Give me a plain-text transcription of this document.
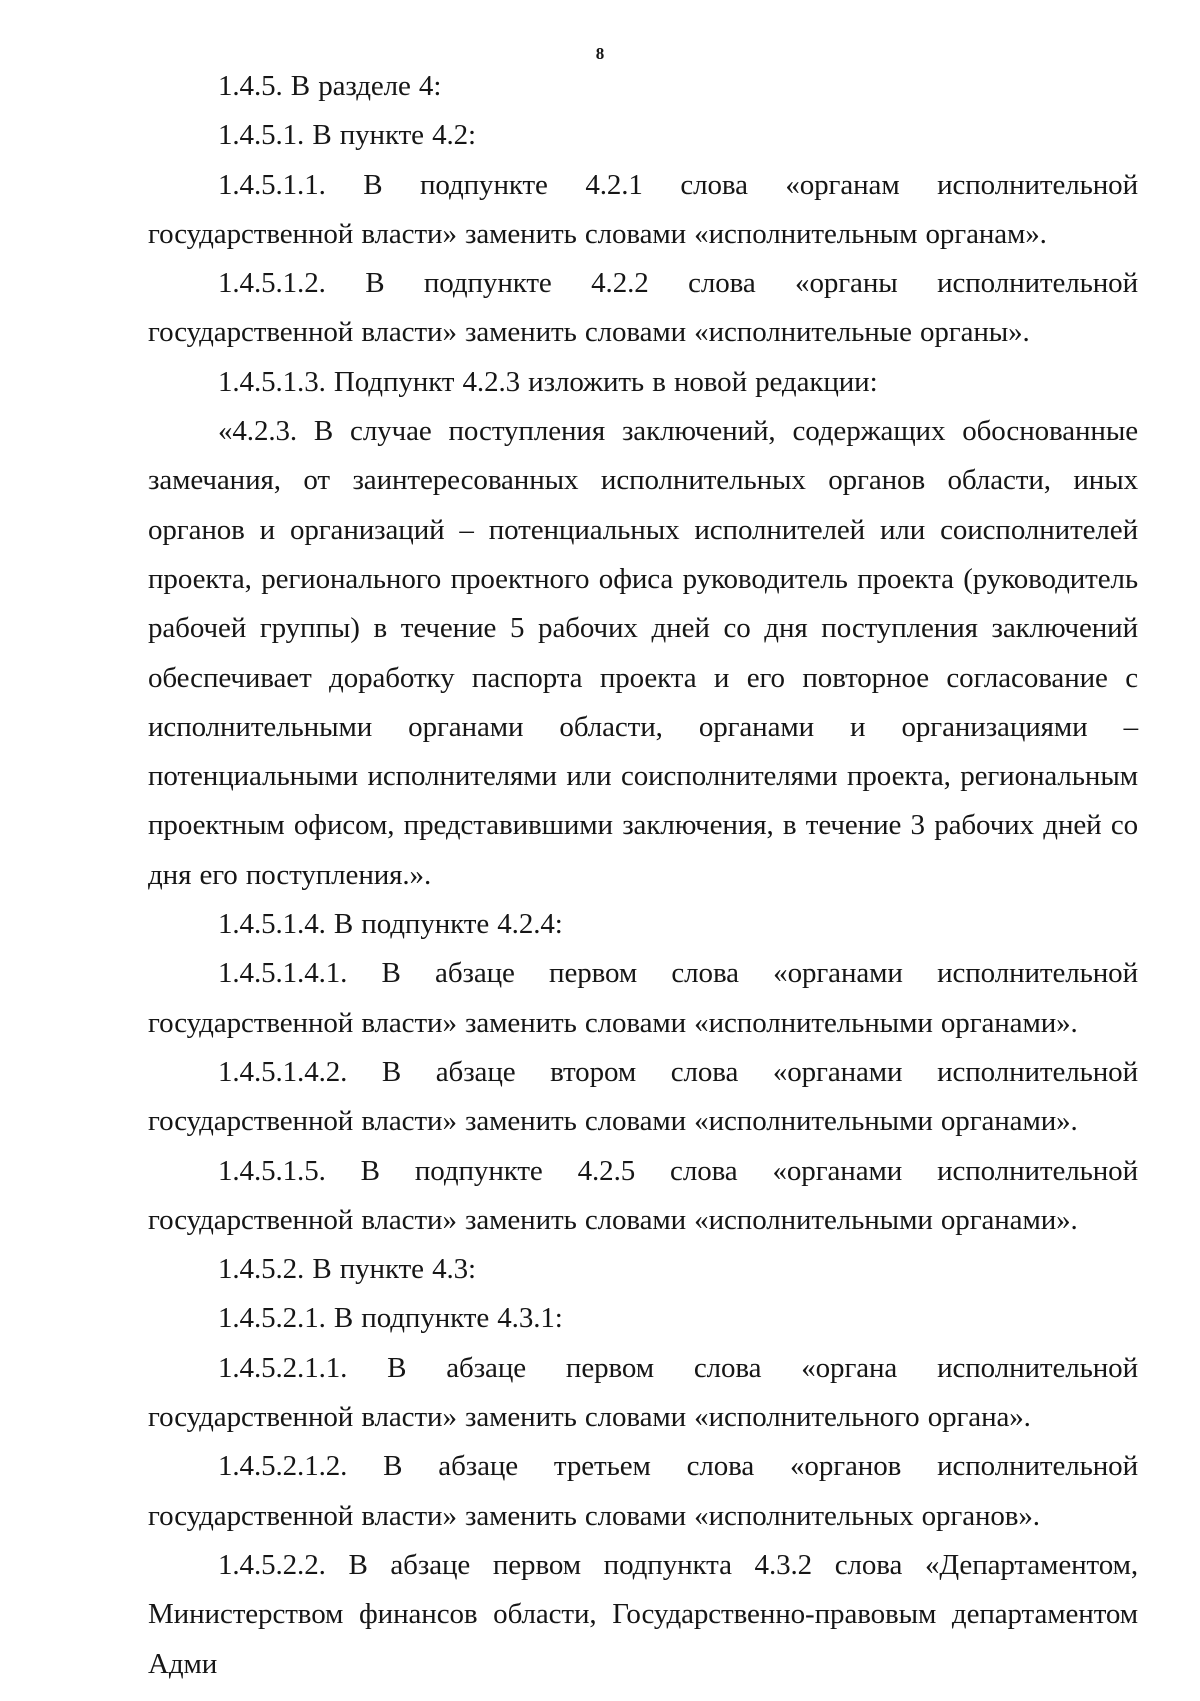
8

1.4.5. В разделе 4:

1.4.5.1. В пункте 4.2:

1.4.5.1.1. В подпункте 4.2.1 слова «органам исполнительной государственной власти» заменить словами «исполнительным органам».

1.4.5.1.2. В подпункте 4.2.2 слова «органы исполнительной государственной власти» заменить словами «исполнительные органы».

1.4.5.1.3. Подпункт 4.2.3 изложить в новой редакции:

«4.2.3. В случае поступления заключений, содержащих обоснованные замечания, от заинтересованных исполнительных органов области, иных органов и организаций – потенциальных исполнителей или соисполнителей проекта, регионального проектного офиса руководитель проекта (руководитель рабочей группы) в течение 5 рабочих дней со дня поступления заключений обеспечивает доработку паспорта проекта и его повторное согласование с исполнительными органами области, органами и организациями – потенциальными исполнителями или соисполнителями проекта, региональным проектным офисом, представившими заключения, в течение 3 рабочих дней со дня его поступления.».

1.4.5.1.4. В подпункте 4.2.4:

1.4.5.1.4.1. В абзаце первом слова «органами исполнительной государственной власти» заменить словами «исполнительными органами».

1.4.5.1.4.2. В абзаце втором слова «органами исполнительной государственной власти» заменить словами «исполнительными органами».

1.4.5.1.5. В подпункте 4.2.5 слова «органами исполнительной государственной власти» заменить словами «исполнительными органами».

1.4.5.2. В пункте 4.3:

1.4.5.2.1. В подпункте 4.3.1:

1.4.5.2.1.1. В абзаце первом слова «органа исполнительной государственной власти» заменить словами «исполнительного органа».

1.4.5.2.1.2. В абзаце третьем слова «органов исполнительной государственной власти» заменить словами «исполнительных органов».

1.4.5.2.2. В абзаце первом подпункта 4.3.2 слова «Департаментом, Министерством финансов области, Государственно-правовым департаментом Адми
